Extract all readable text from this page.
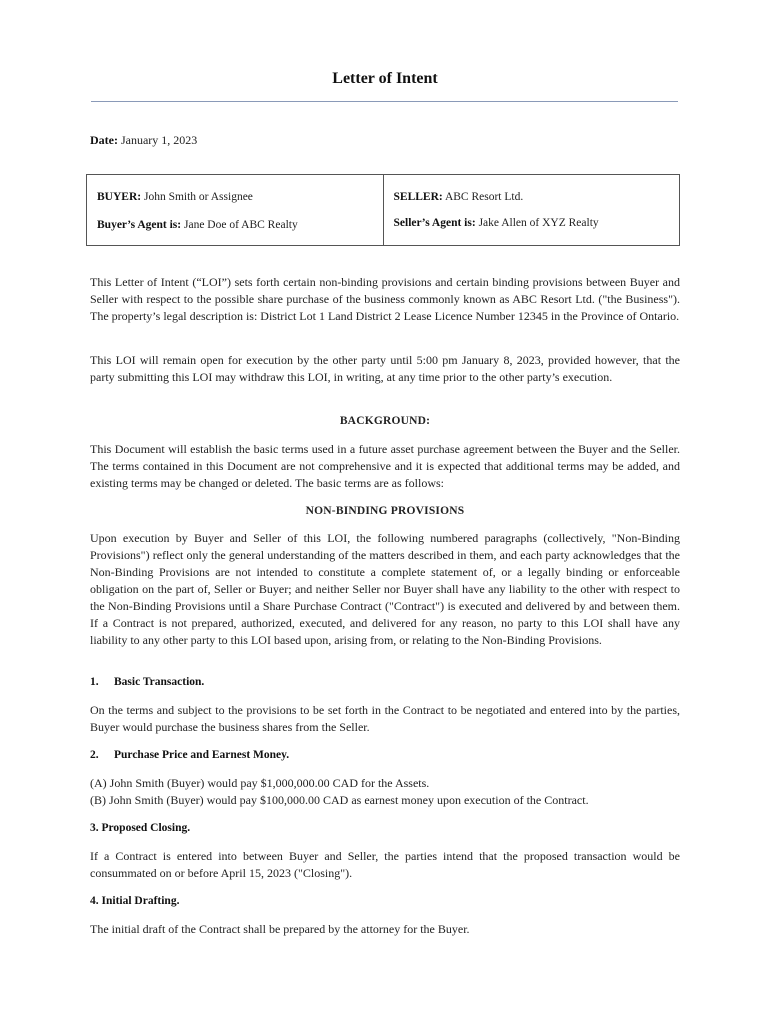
Letter of Intent
Date: January 1, 2023
BUYER: John Smith or Assignee
Buyer’s Agent is: Jane Doe of ABC Realty
SELLER: ABC Resort Ltd.
Seller’s Agent is: Jake Allen of XYZ Realty
This Letter of Intent (“LOI”) sets forth certain non-binding provisions and certain binding provisions between Buyer and Seller with respect to the possible share purchase of the business commonly known as ABC Resort Ltd. ("the Business"). The property’s legal description is: District Lot 1 Land District 2 Lease Licence Number 12345 in the Province of Ontario.
This LOI will remain open for execution by the other party until 5:00 pm January 8, 2023, provided however, that the party submitting this LOI may withdraw this LOI, in writing, at any time prior to the other party’s execution.
BACKGROUND:
This Document will establish the basic terms used in a future asset purchase agreement between the Buyer and the Seller. The terms contained in this Document are not comprehensive and it is expected that additional terms may be added, and existing terms may be changed or deleted. The basic terms are as follows:
NON-BINDING PROVISIONS
Upon execution by Buyer and Seller of this LOI, the following numbered paragraphs (collectively, "Non-Binding Provisions") reflect only the general understanding of the matters described in them, and each party acknowledges that the Non-Binding Provisions are not intended to constitute a complete statement of, or a legally binding or enforceable obligation on the part of, Seller or Buyer; and neither Seller nor Buyer shall have any liability to the other with respect to the Non-Binding Provisions until a Share Purchase Contract ("Contract") is executed and delivered by and between them. If a Contract is not prepared, authorized, executed, and delivered for any reason, no party to this LOI shall have any liability to any other party to this LOI based upon, arising from, or relating to the Non-Binding Provisions.
1. Basic Transaction.
On the terms and subject to the provisions to be set forth in the Contract to be negotiated and entered into by the parties, Buyer would purchase the business shares from the Seller.
2. Purchase Price and Earnest Money.
(A) John Smith (Buyer) would pay $1,000,000.00 CAD for the Assets.
(B) John Smith (Buyer) would pay $100,000.00 CAD as earnest money upon execution of the Contract.
3. Proposed Closing.
If a Contract is entered into between Buyer and Seller, the parties intend that the proposed transaction would be consummated on or before April 15, 2023 ("Closing").
4. Initial Drafting.
The initial draft of the Contract shall be prepared by the attorney for the Buyer.
